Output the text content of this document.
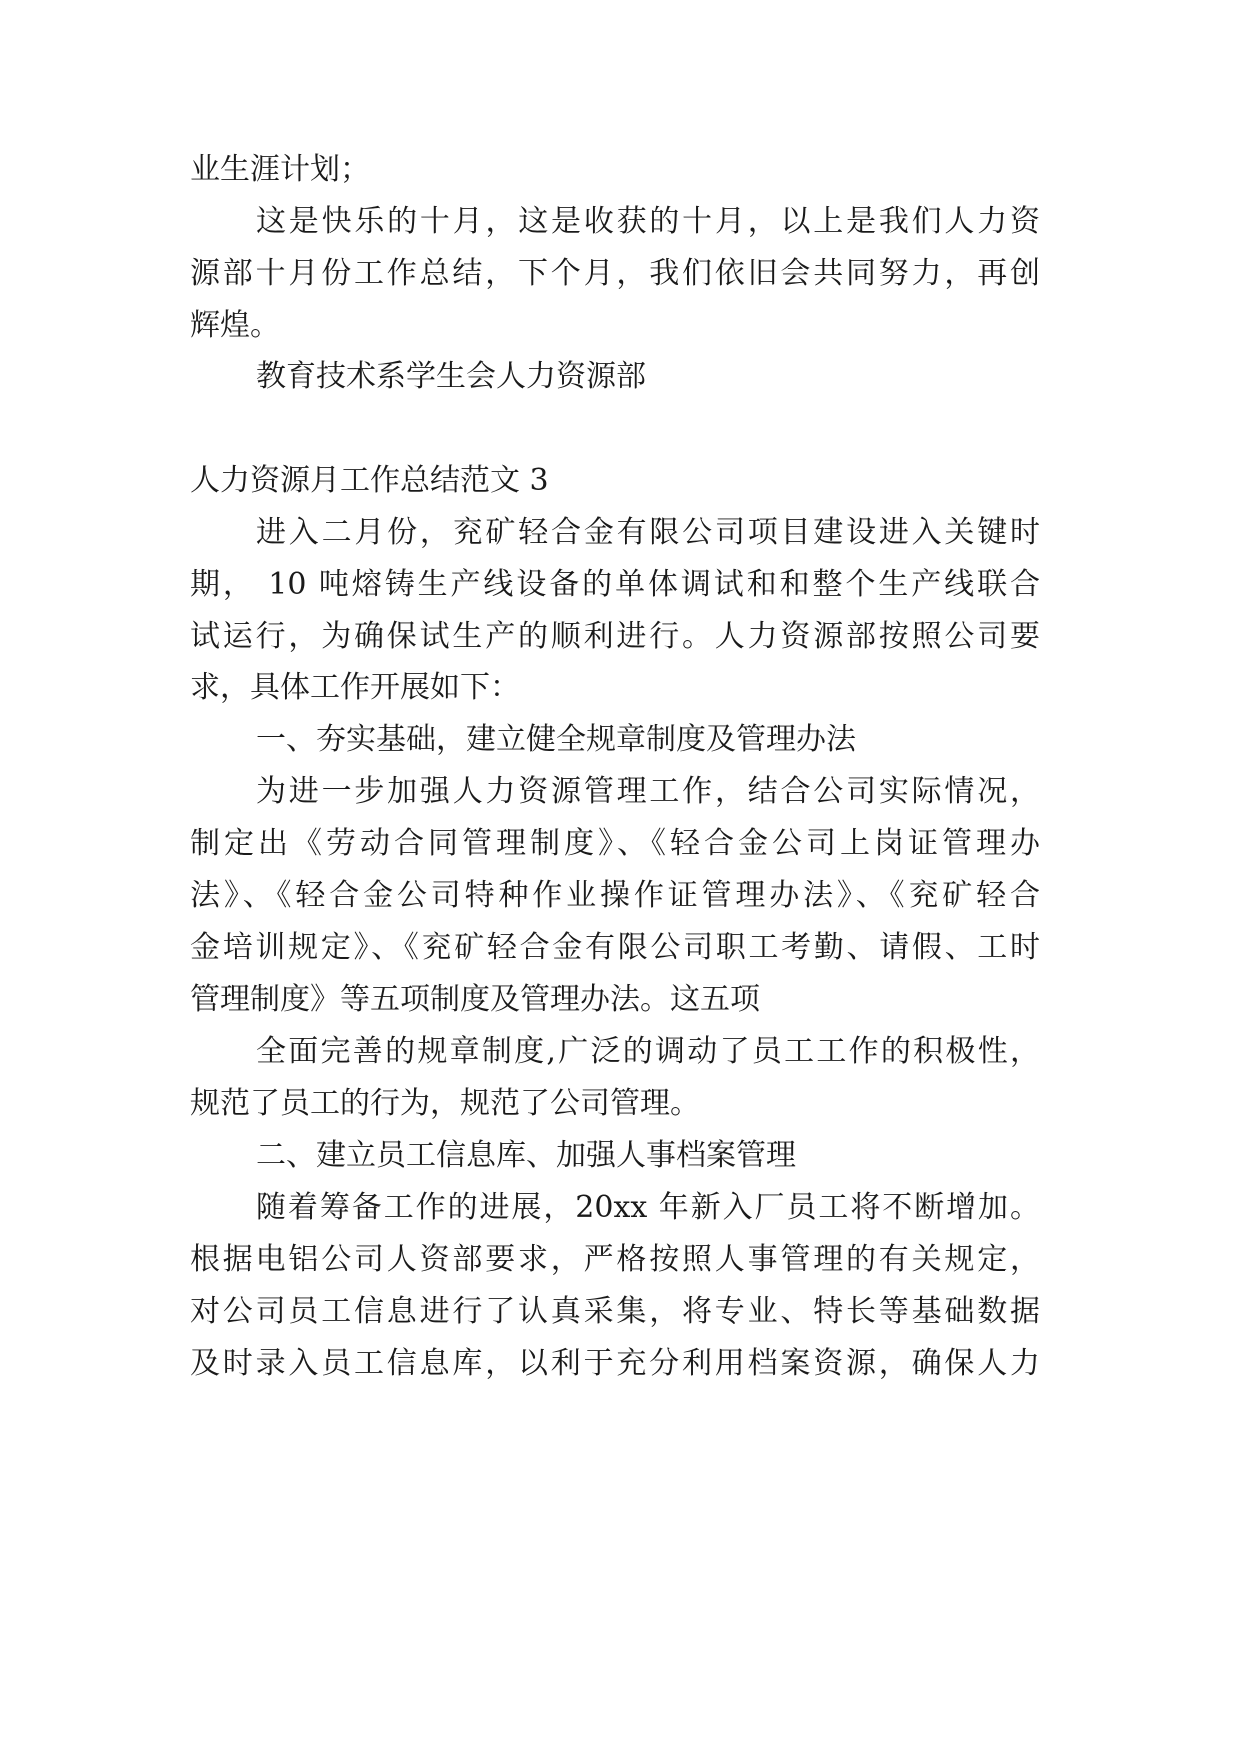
业生涯计划；

这是快乐的十月，这是收获的十月，以上是我们人力资

源部十月份工作总结，下个月，我们依旧会共同努力，再创

辉煌。

教育技术系学生会人力资源部

人力资源月工作总结范文 3

进入二月份，兖矿轻合金有限公司项目建设进入关键时

期， 10 吨熔铸生产线设备的单体调试和和整个生产线联合

试运行，为确保试生产的顺利进行。人力资源部按照公司要

求，具体工作开展如下：

一、夯实基础，建立健全规章制度及管理办法

为进一步加强人力资源管理工作，结合公司实际情况，

制定出《劳动合同管理制度》、《轻合金公司上岗证管理办

法》、《轻合金公司特种作业操作证管理办法》、《兖矿轻合

金培训规定》、《兖矿轻合金有限公司职工考勤、请假、工时

管理制度》等五项制度及管理办法。这五项

全面完善的规章制度,广泛的调动了员工工作的积极性，

规范了员工的行为，规范了公司管理。

二、建立员工信息库、加强人事档案管理

随着筹备工作的进展，20xx 年新入厂员工将不断增加。

根据电铝公司人资部要求，严格按照人事管理的有关规定，

对公司员工信息进行了认真采集，将专业、特长等基础数据

及时录入员工信息库，以利于充分利用档案资源，确保人力
